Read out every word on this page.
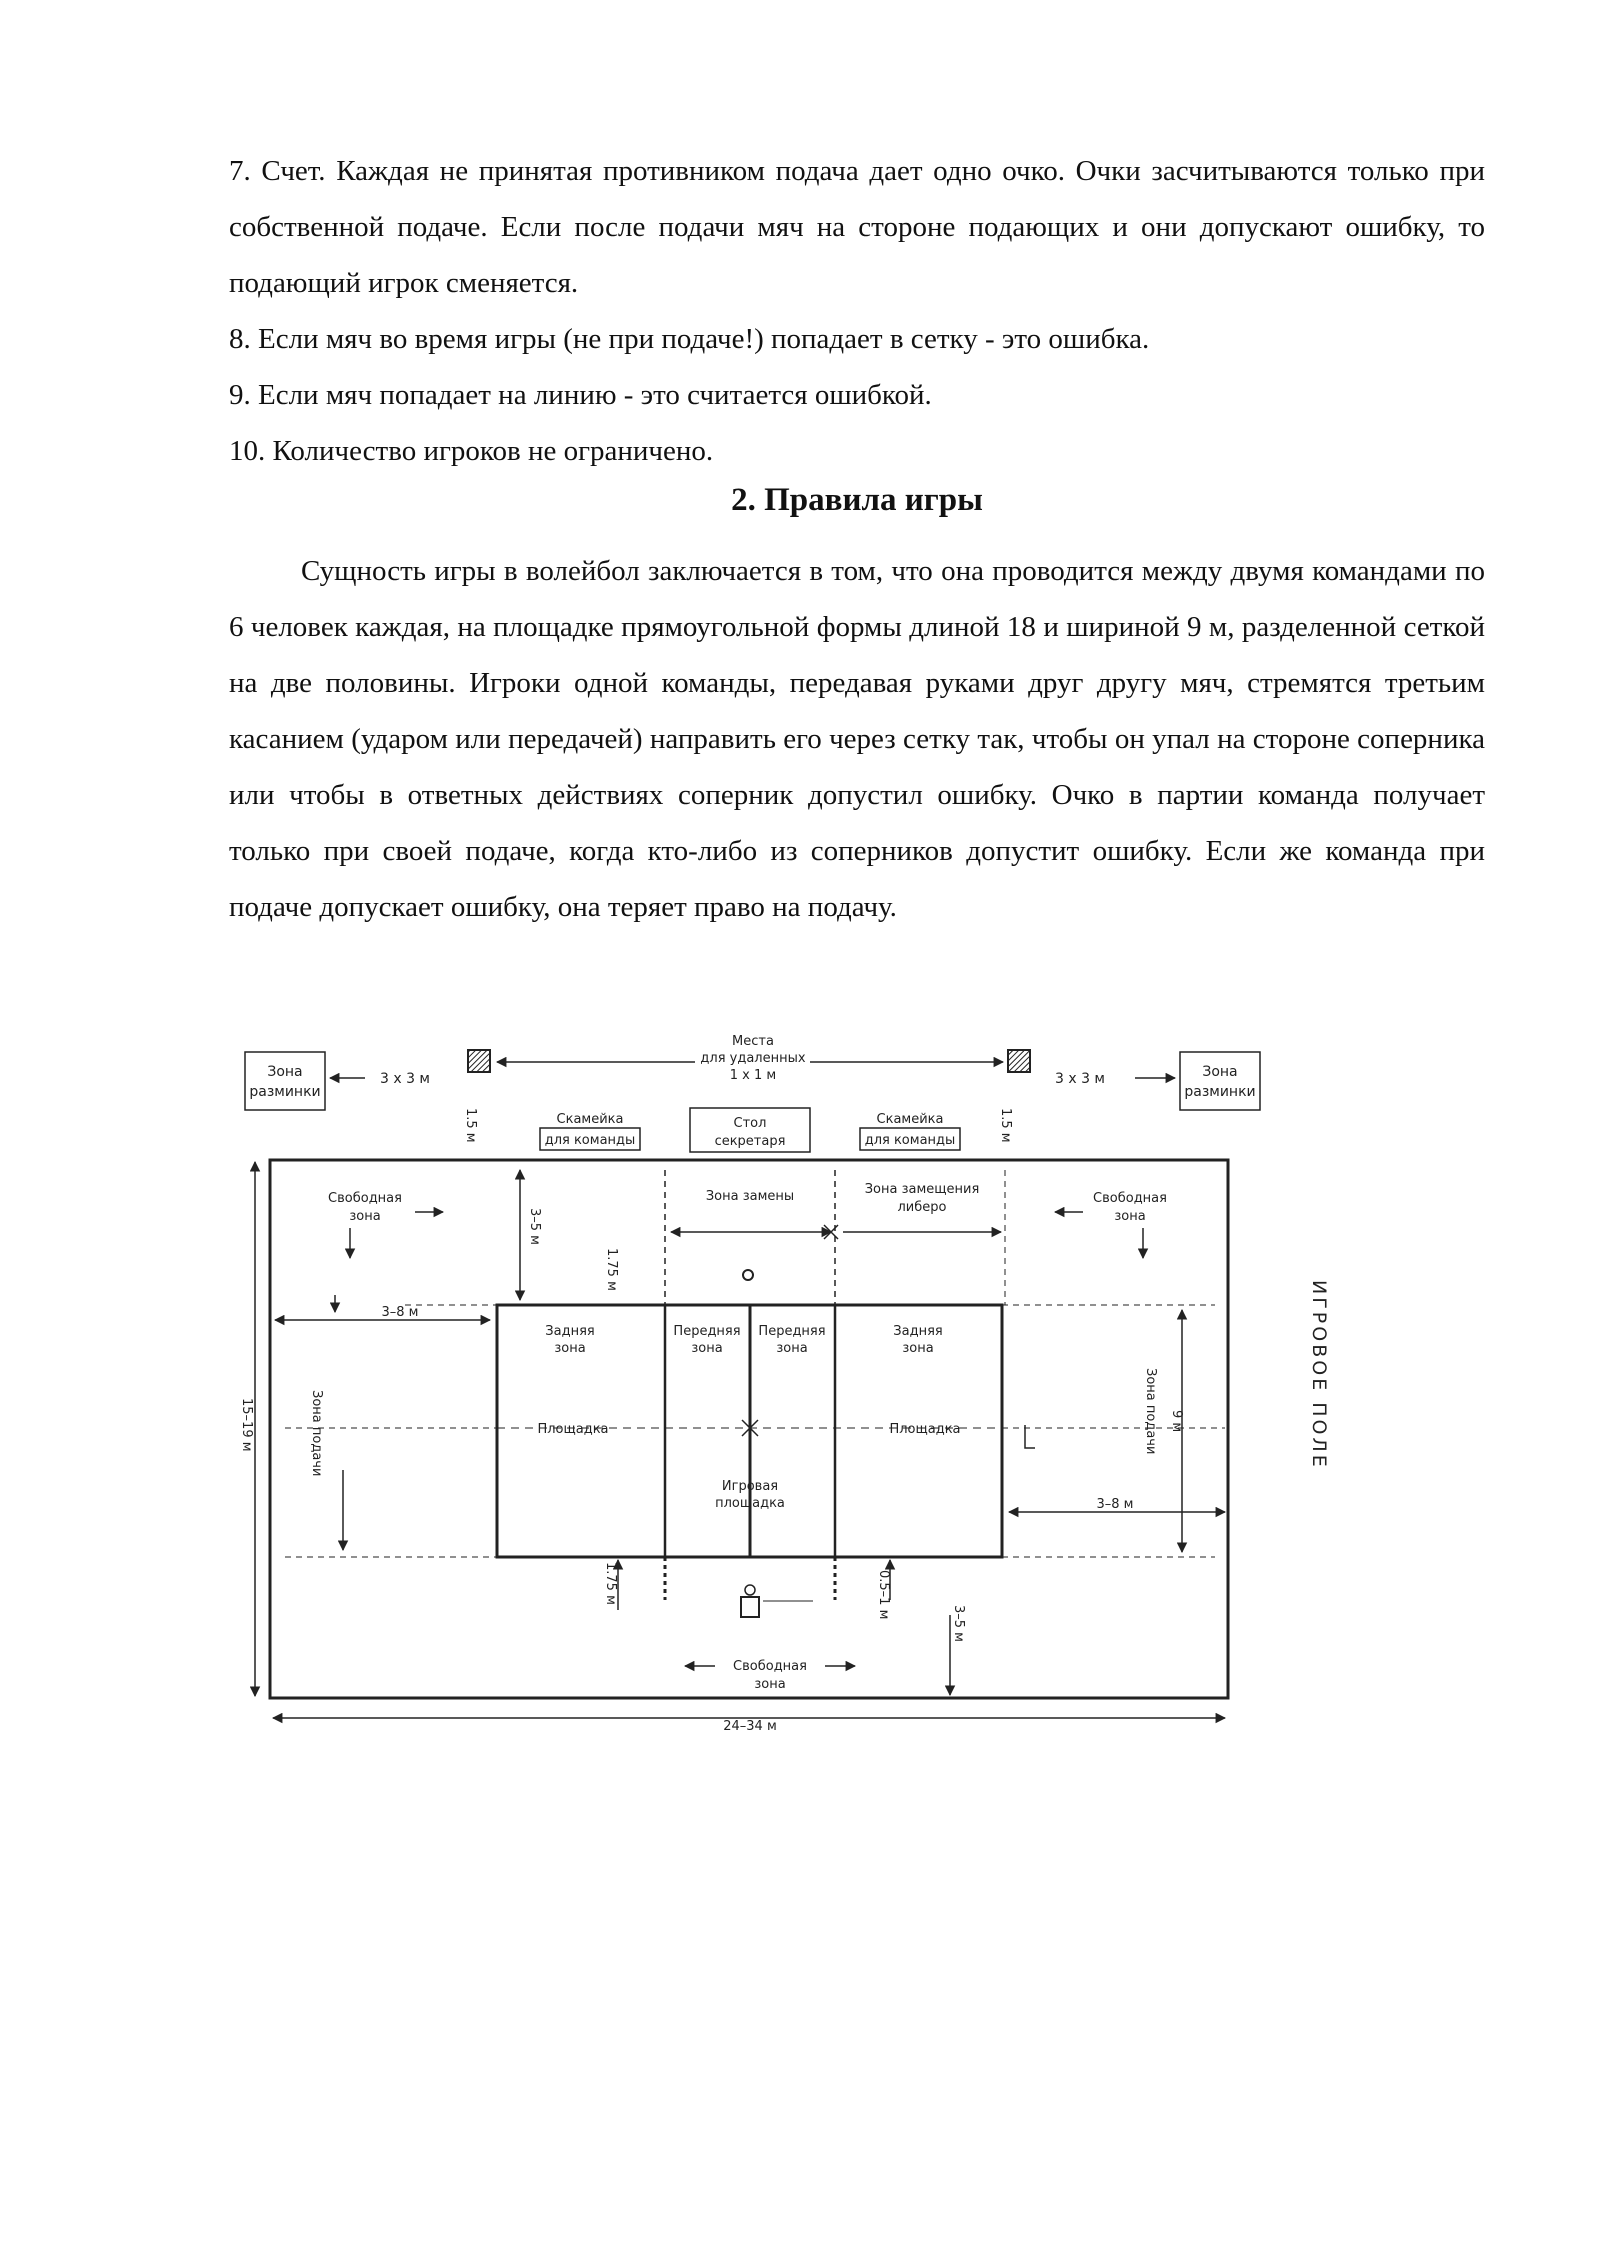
7. Счет. Каждая не принятая противником подача дает одно очко. Очки засчитываются только при собственной подаче. Если после подачи мяч на стороне подающих и они допускают ошибку, то подающий игрок сменяется.

8. Если мяч во время игры (не при подаче!) попадает в сетку - это ошибка.

9. Если мяч попадает на линию - это считается ошибкой.

10. Количество игроков не ограничено.

2. Правила игры

Сущность игры в волейбол заключается в том, что она проводится между двумя командами по 6 человек каждая, на площадке прямоугольной формы длиной 18 и шириной 9 м, разделенной сеткой на две половины. Игроки одной команды, передавая руками друг другу мяч, стремятся третьим касанием (ударом или передачей) направить его через сетку так, чтобы он упал на стороне соперника или чтобы в ответных действиях соперник допустил ошибку. Очко в партии команда получает только при своей подаче, когда кто-либо из соперников допустит ошибку. Если же команда при подаче допускает ошибку, она теряет право на подачу.

Зона
разминки
Зона
разминки
3 х 3 м	3 х 3 м
Места
для удаленных
1 х 1 м
1.5 м	1.5 м
Скамейка
для команды
Стол
секретаря
Скамейка
для команды
Задняя
зона
Передняя
зона
Передняя
зона
Задняя
зона
Площадка	Площадка
Игровая
площадка
Зона замены	Зона замещения
либеро
Свободная
зона
Свободная
зона
Свободная
зона
3–5 м
1.75 м
3–8 м
Зона подачи
15–19 м	9 м
Зона подачи
3–8 м
1.75 м	0.5–1 м
3–5 м
24–34 м
ИГРОВОЕ ПОЛЕ
